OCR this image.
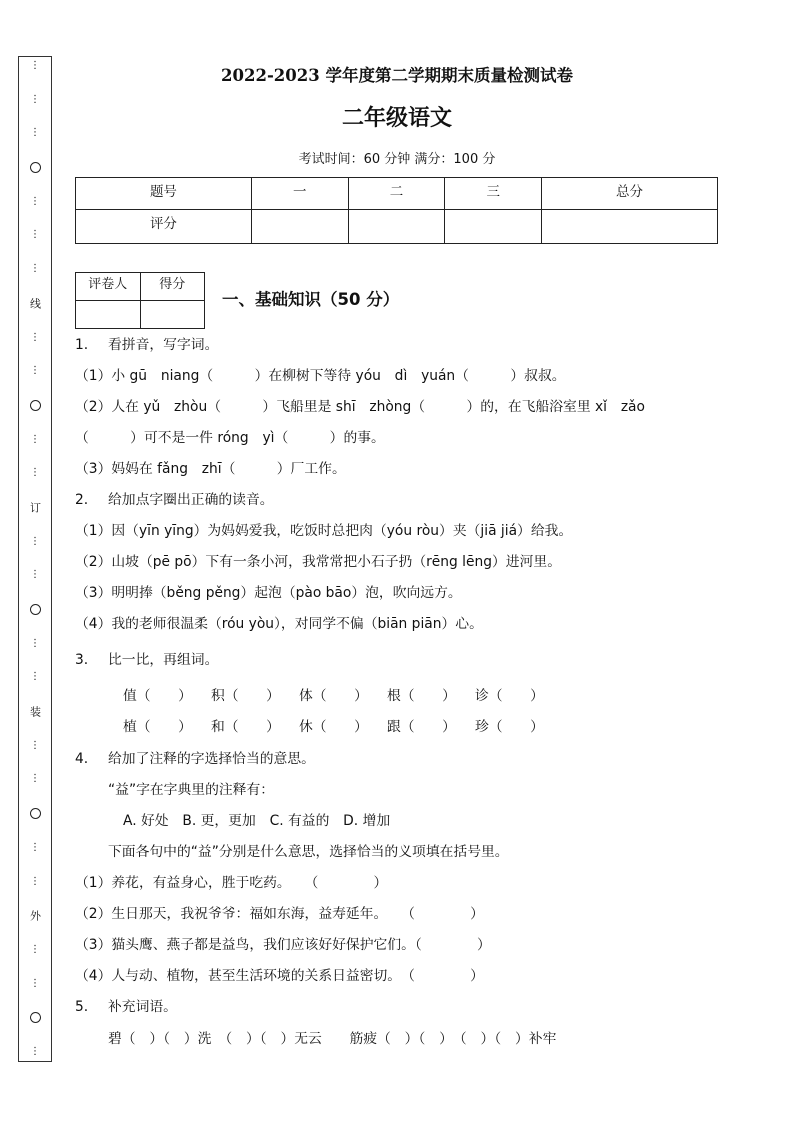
⋮
⋮
⋮
⋮
⋮
⋮
线
⋮
⋮
⋮
⋮
订
⋮
⋮
⋮
⋮
装
⋮
⋮
⋮
⋮
外
⋮
⋮
⋮
2022-2023 学年度第二学期期末质量检测试卷
二年级语文
考试时间：60 分钟 满分：100 分
题号	一	二	三	总分
评分				
评卷人	得分

一、基础知识（50 分）
1. 看拼音，写字词。
（1）小 gū　niang（　　　）在柳树下等待 yóu　dì　yuán（　　　）叔叔。
（2）人在 yǔ　zhòu（　　　）飞船里是 shī　zhòng（　　　）的，在飞船浴室里 xǐ　zǎo
（　　　）可不是一件 róng　yì（　　　）的事。
（3）妈妈在 fǎng　zhī（　　　）厂工作。
2. 给加点字圈出正确的读音。
（1）因（yīn yīng）为妈妈爱我，吃饭时总把肉（yóu ròu）夹（jiā jiá）给我。
（2）山坡（pē pō）下有一条小河，我常常把小石子扔（rēng lēng）进河里。
（3）明明捧（běng pěng）起泡（pào bāo）泡，吹向远方。
（4）我的老师很温柔（róu yòu），对同学不偏（biān piān）心。
3. 比一比，再组词。
值（　　） 积（　　） 体（　　） 根（　　） 诊（　　）
植（　　） 和（　　） 休（　　） 跟（　　） 珍（　　）
4. 给加了注释的字选择恰当的意思。
“益”字在字典里的注释有：
A. 好处　B. 更，更加　C. 有益的　D. 增加
下面各句中的“益”分别是什么意思，选择恰当的义项填在括号里。
（1）养花，有益身心，胜于吃药。　　（　　　　）
（2）生日那天，我祝爷爷：福如东海，益寿延年。　　（　　　　）
（3）猫头鹰、燕子都是益鸟，我们应该好好保护它们。（　　　　）
（4）人与动、植物，甚至生活环境的关系日益密切。　（　　　　）
5. 补充词语。
碧（　）（　）洗　（　）（　）无云　　筋疲（　）（　）　（　）（　）补牢
